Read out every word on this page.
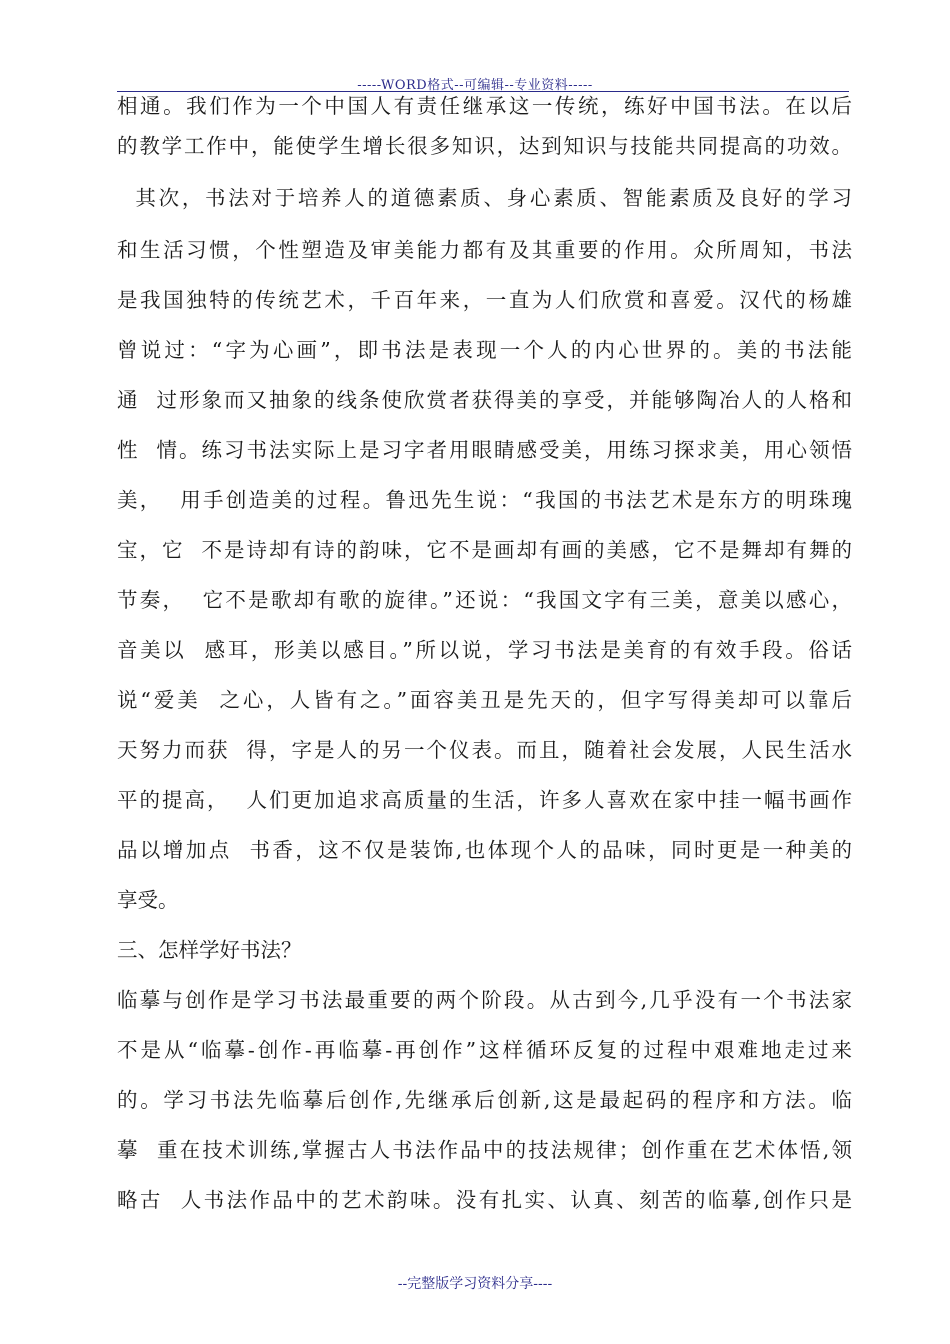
-----WORD格式--可编辑--专业资料-----
相通。我们作为一个中国人有责任继承这一传统，练好中国书法。在以后
的教学工作中，能使学生增长很多知识，达到知识与技能共同提高的功效。
其次，书法对于培养人的道德素质、身心素质、智能素质及良好的学习
和生活习惯，个性塑造及审美能力都有及其重要的作用。众所周知，书法
是我国独特的传统艺术，千百年来，一直为人们欣赏和喜爱。汉代的杨雄
曾说过：“字为心画”，即书法是表现一个人的内心世界的。美的书法能
通  过形象而又抽象的线条使欣赏者获得美的享受，并能够陶冶人的人格和
性  情。练习书法实际上是习字者用眼睛感受美，用练习探求美，用心领悟
美，  用手创造美的过程。鲁迅先生说：“我国的书法艺术是东方的明珠瑰
宝，它  不是诗却有诗的韵味，它不是画却有画的美感，它不是舞却有舞的
节奏，  它不是歌却有歌的旋律。”还说：“我国文字有三美，意美以感心，
音美以  感耳，形美以感目。”所以说，学习书法是美育的有效手段。俗话
说“爱美  之心，人皆有之。”面容美丑是先天的，但字写得美却可以靠后
天努力而获  得，字是人的另一个仪表。而且，随着社会发展，人民生活水
平的提高，  人们更加追求高质量的生活，许多人喜欢在家中挂一幅书画作
品以增加点  书香，这不仅是装饰,也体现个人的品味，同时更是一种美的
享受。
三、怎样学好书法？
临摹与创作是学习书法最重要的两个阶段。从古到今,几乎没有一个书法家
不是从“临摹-创作-再临摹-再创作”这样循环反复的过程中艰难地走过来
的。学习书法先临摹后创作,先继承后创新,这是最起码的程序和方法。临
摹  重在技术训练,掌握古人书法作品中的技法规律；创作重在艺术体悟,领
略古  人书法作品中的艺术韵味。没有扎实、认真、刻苦的临摹,创作只是
--完整版学习资料分享----
